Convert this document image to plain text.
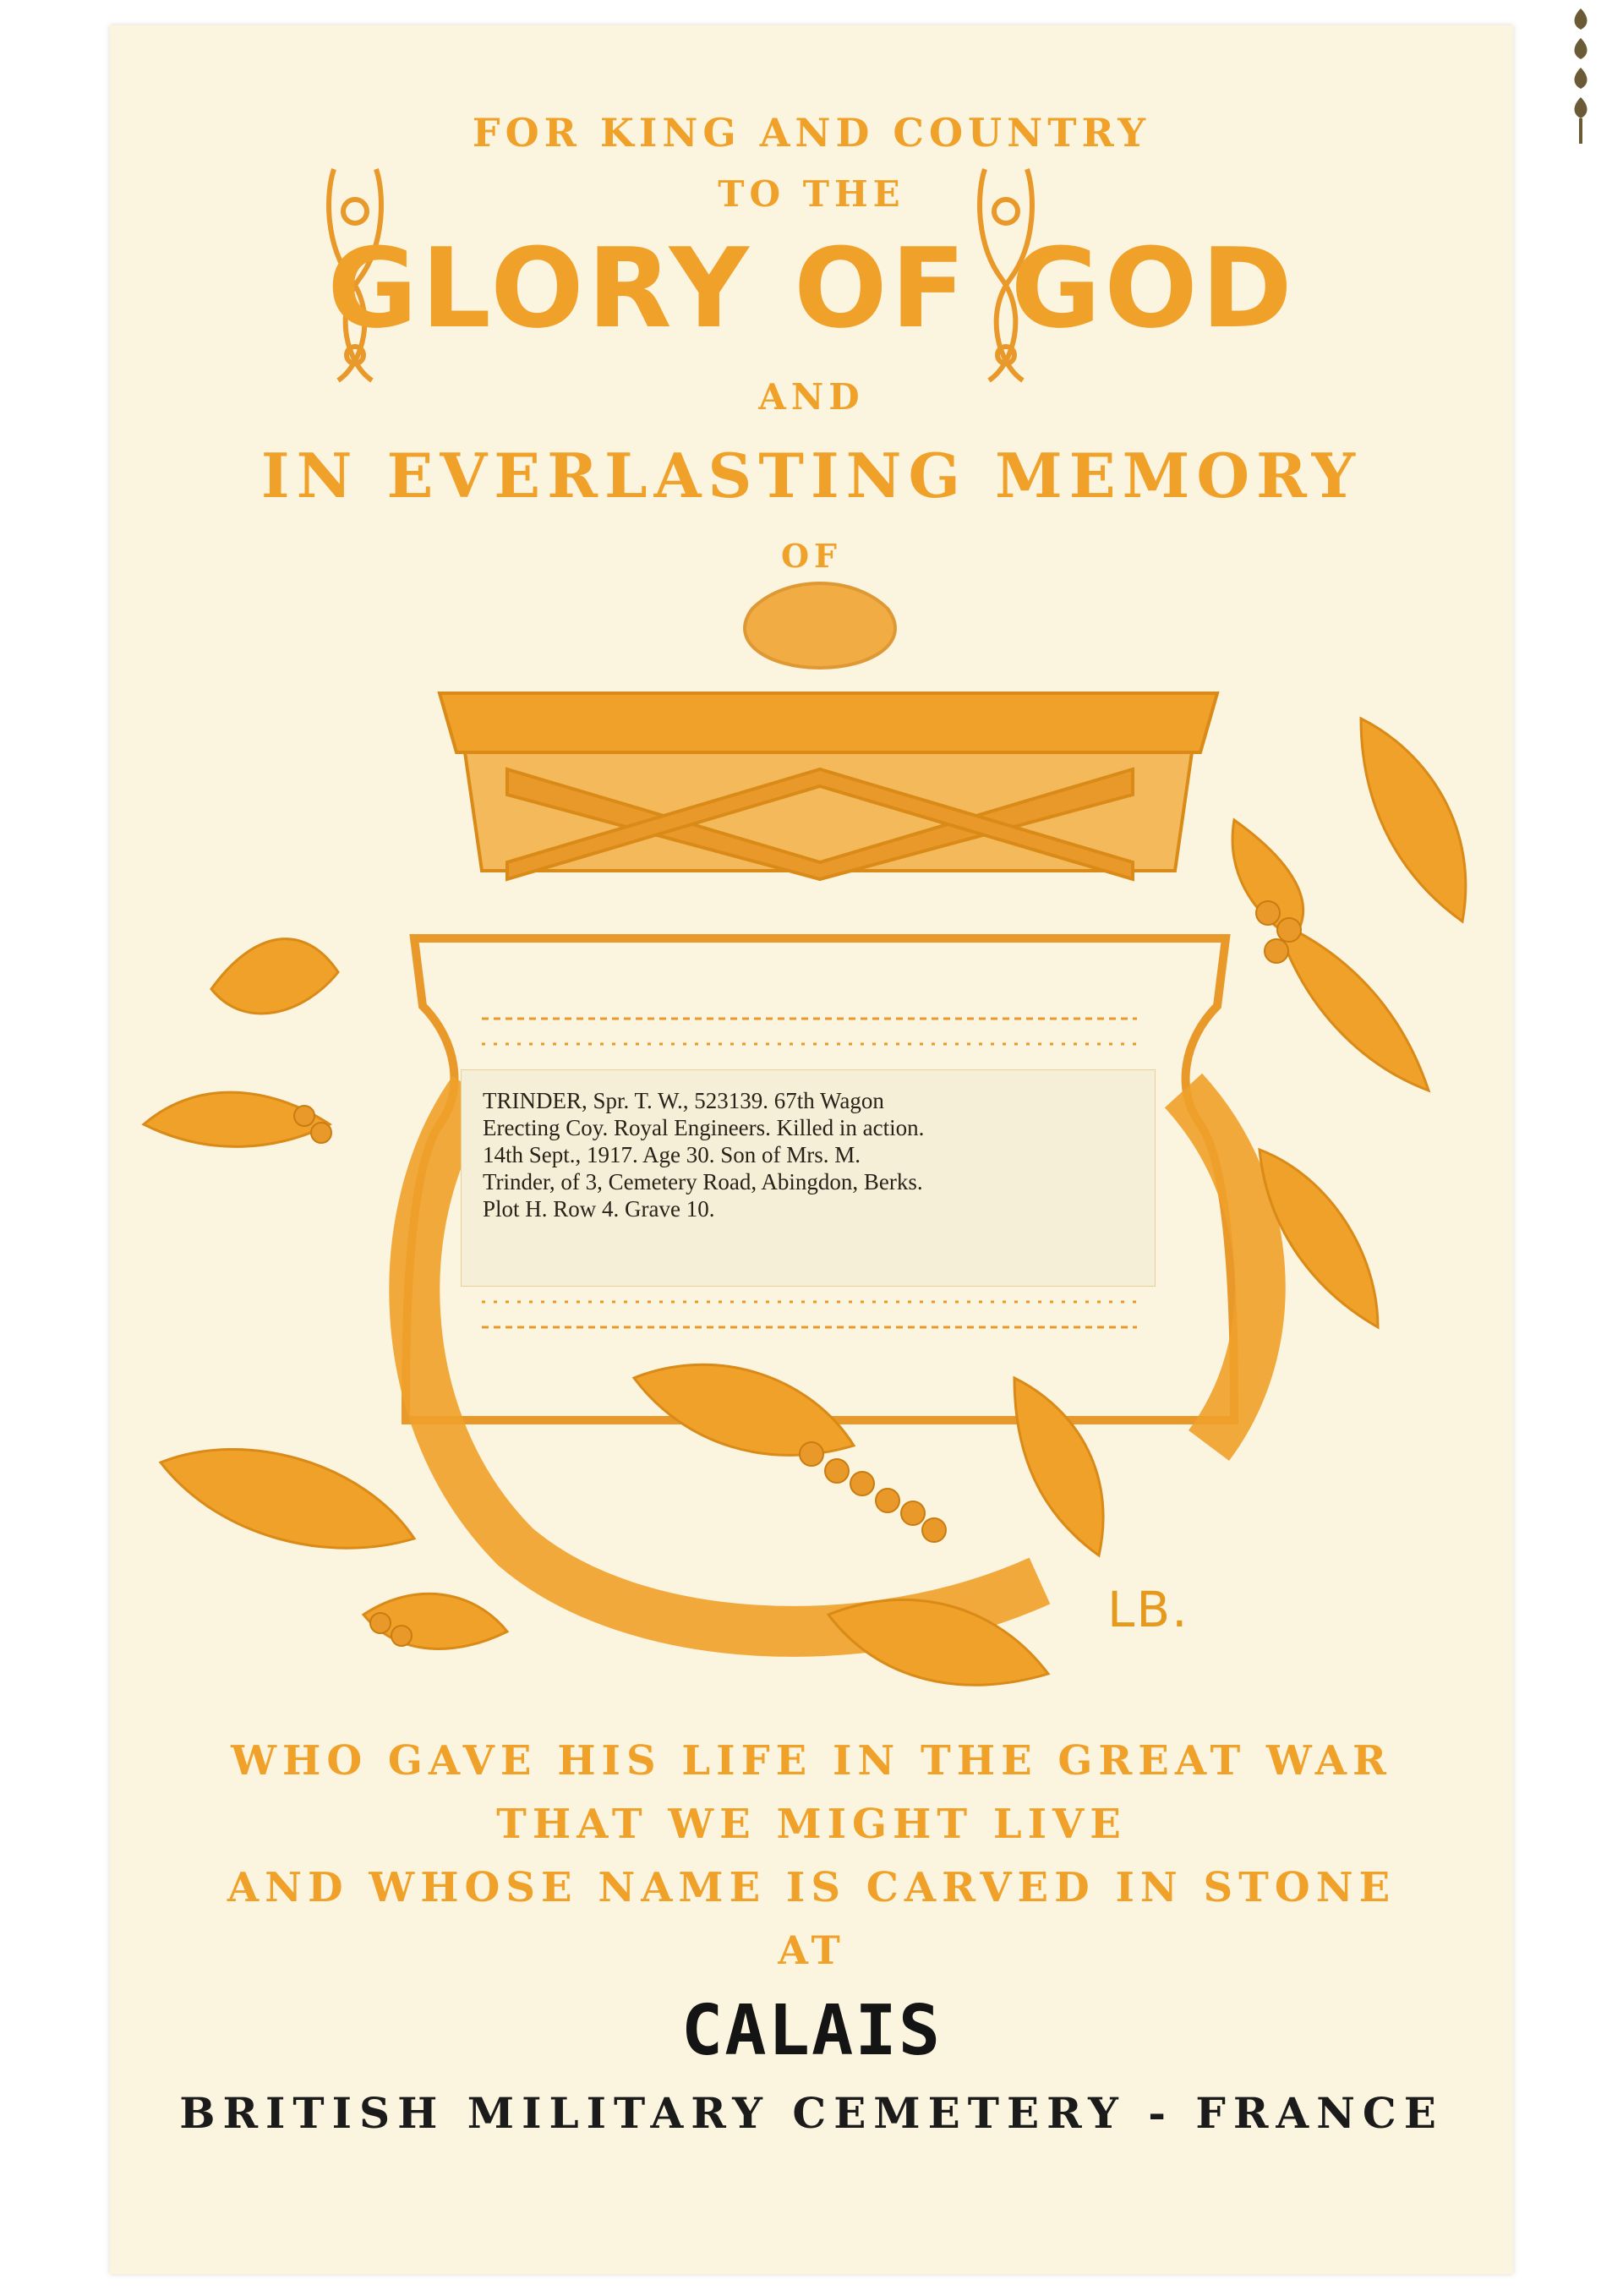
FOR KING AND COUNTRY
TO THE
GLORY OF GOD
AND
IN EVERLASTING MEMORY
OF
TRINDER, Spr. T. W., 523139. 67th Wagon
Erecting Coy. Royal Engineers. Killed in action.
14th Sept., 1917. Age 30. Son of Mrs. M.
Trinder, of 3, Cemetery Road, Abingdon, Berks.
Plot H. Row 4. Grave 10.
LB.
WHO GAVE HIS LIFE IN THE GREAT WAR
THAT WE MIGHT LIVE
AND WHOSE NAME IS CARVED IN STONE
AT
CALAIS
BRITISH MILITARY CEMETERY - FRANCE
